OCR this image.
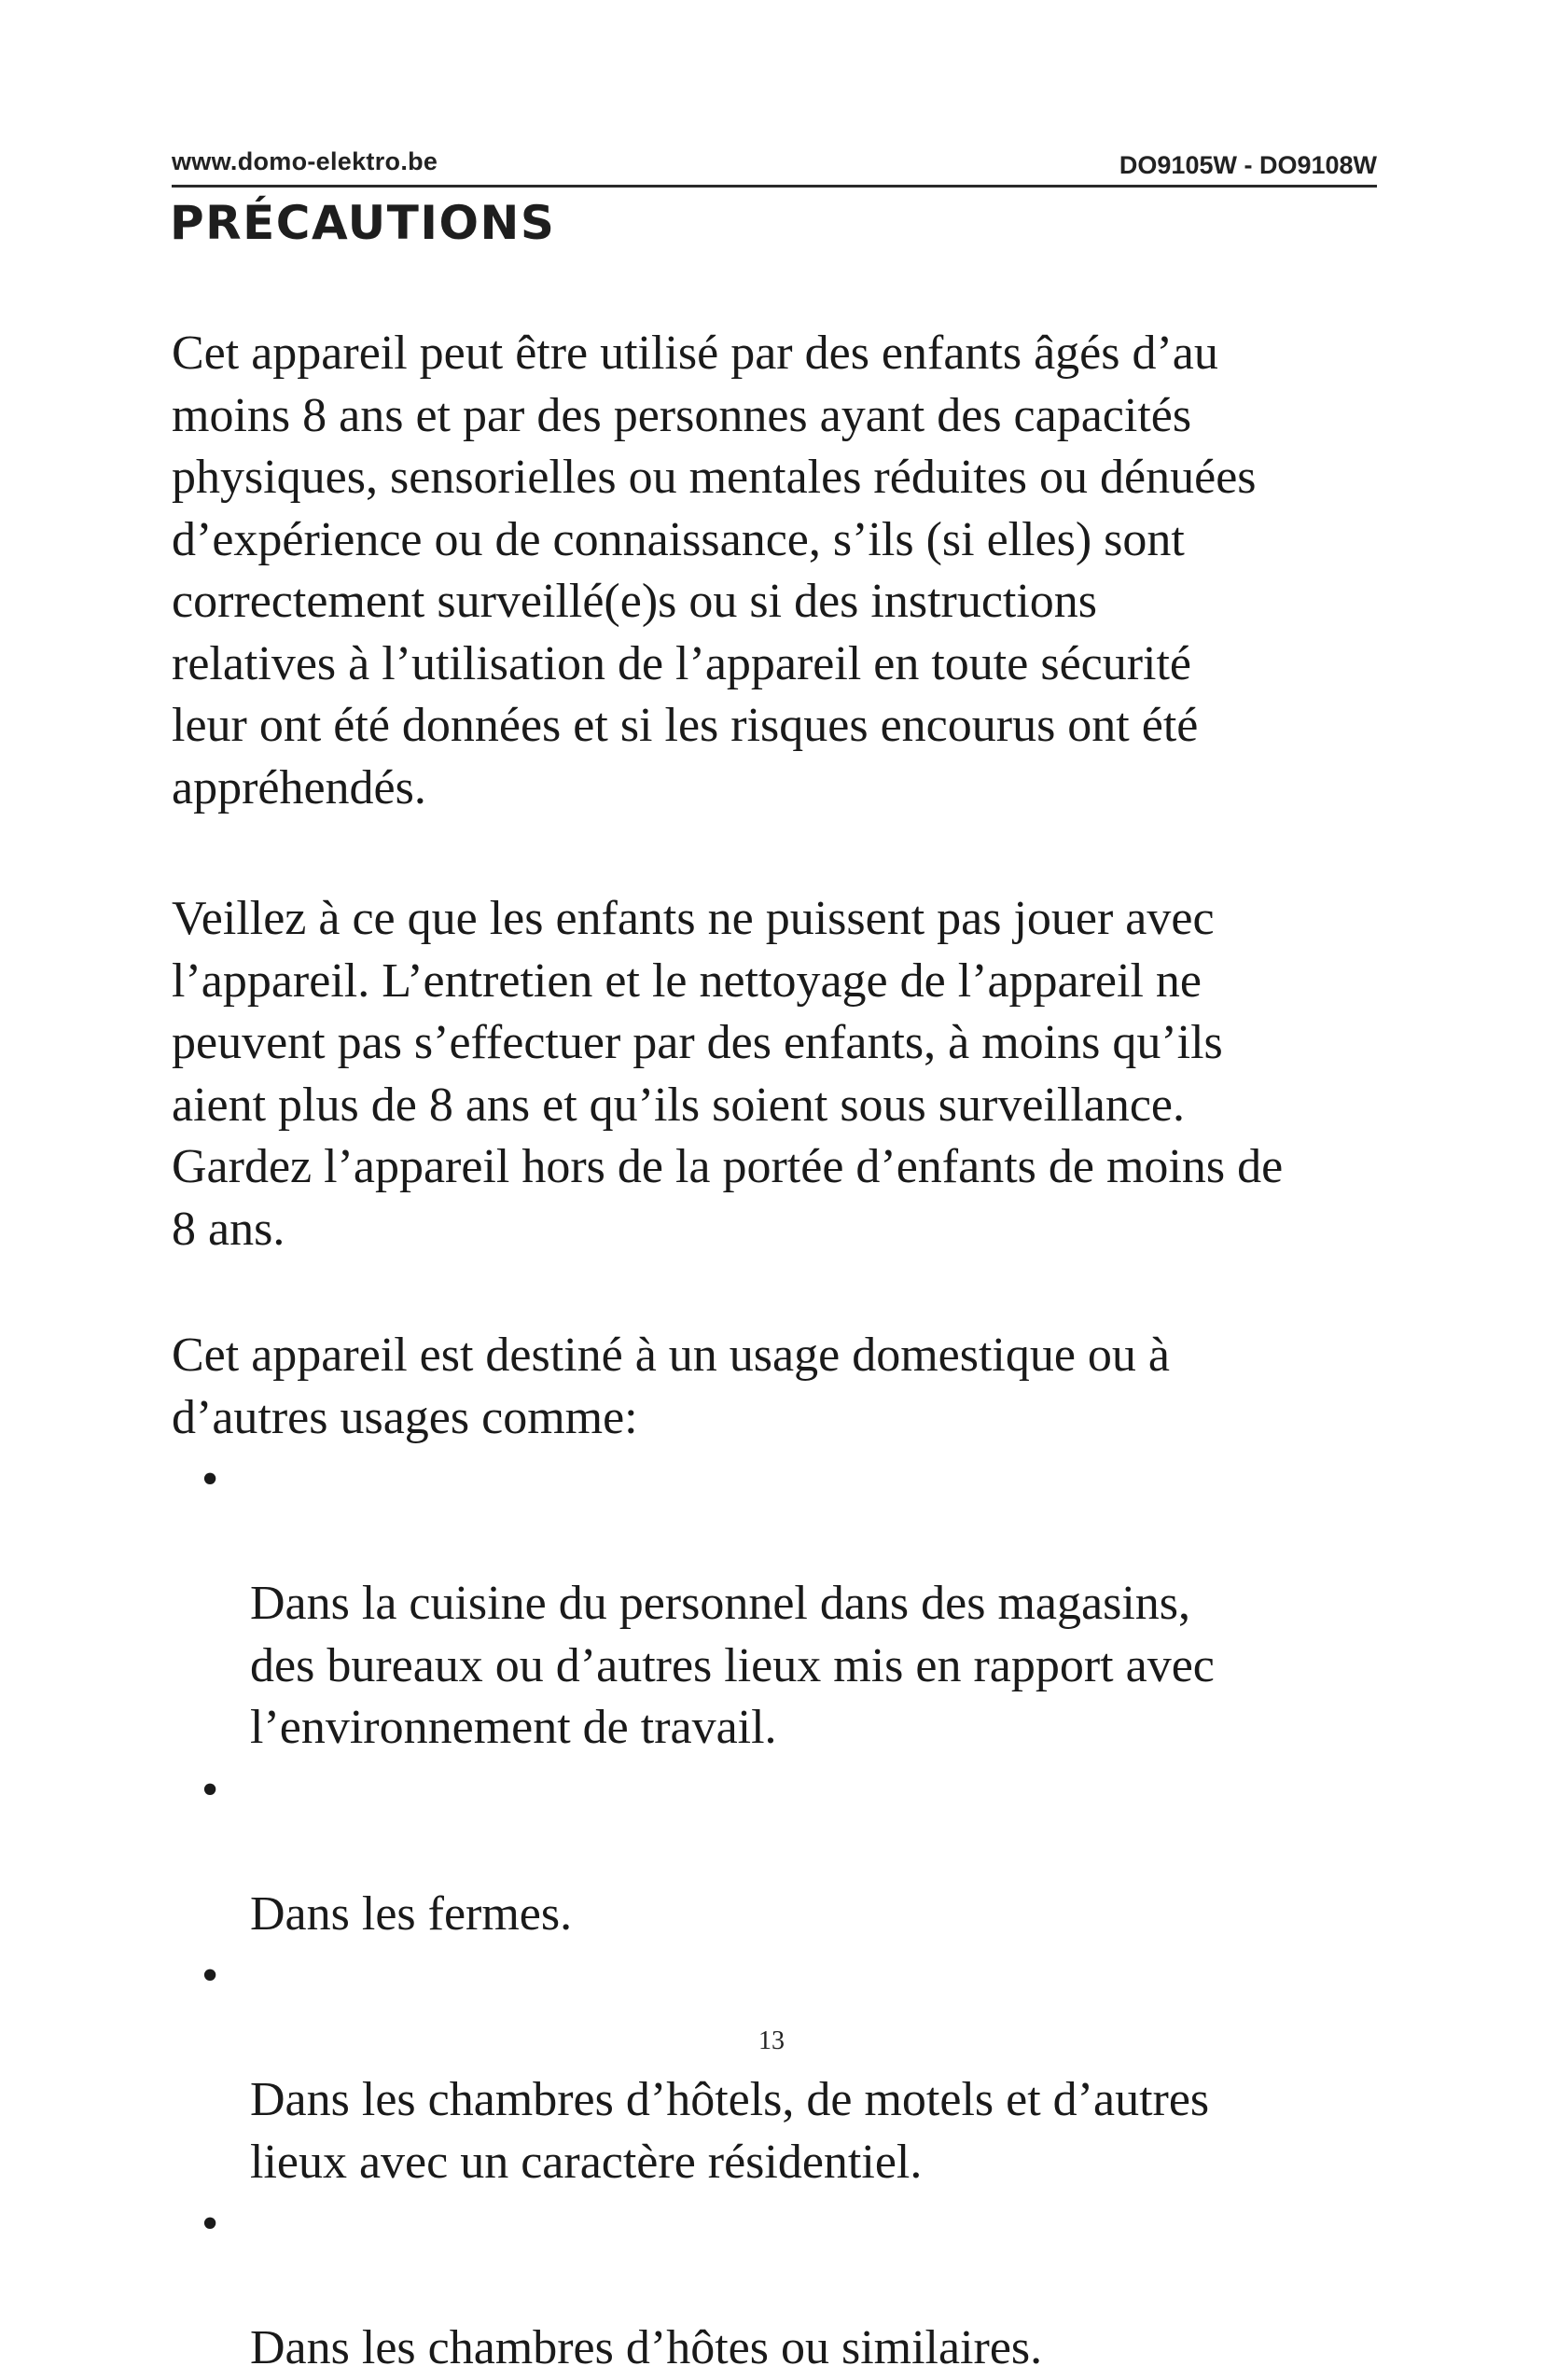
www.domo-elektro.be	DO9105W - DO9108W
PRÉCAUTIONS
Cet appareil peut être utilisé par des enfants âgés d’au
moins 8 ans et par des personnes ayant des capacités
physiques, sensorielles ou mentales réduites ou dénuées
d’expérience ou de connaissance, s’ils (si elles) sont
correctement surveillé(e)s ou si des instructions
relatives à l’utilisation de l’appareil en toute sécurité
leur ont été données et si les risques encourus ont été
appréhendés.
Veillez à ce que les enfants ne puissent pas jouer avec
l’appareil. L’entretien et le nettoyage de l’appareil ne
peuvent pas s’effectuer par des enfants, à moins qu’ils
aient plus de 8 ans et qu’ils soient sous surveillance.
Gardez l’appareil hors de la portée d’enfants de moins de
8 ans.
Cet appareil est destiné à un usage domestique ou à
d’autres usages comme:

•

Dans la cuisine du personnel dans des magasins,
des bureaux ou d’autres lieux mis en rapport avec
l’environnement de travail.

•

Dans les fermes.

•

Dans les chambres d’hôtels, de motels et d’autres
lieux avec un caractère résidentiel.

•

Dans les chambres d’hôtes ou similaires.

13
